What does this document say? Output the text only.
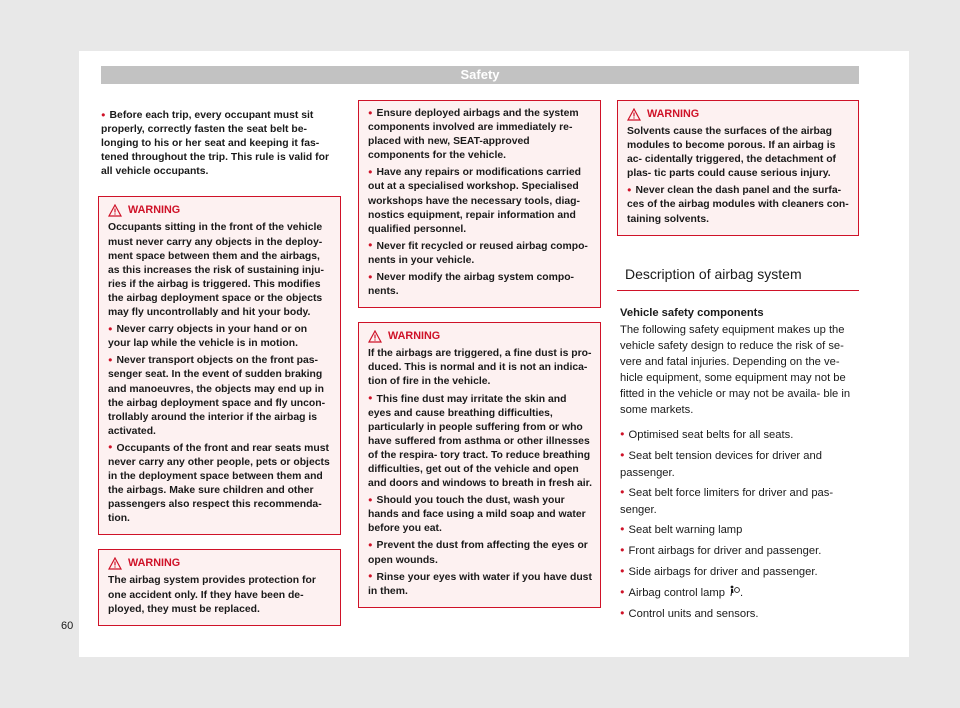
Safety
● Before each trip, every occupant must sit properly, correctly fasten the seat belt be- longing to his or her seat and keeping it fas- tened throughout the trip. This rule is valid for all vehicle occupants.
WARNING

Occupants sitting in the front of the vehicle must never carry any objects in the deploy- ment space between them and the airbags, as this increases the risk of sustaining inju- ries if the airbag is triggered. This modifies the airbag deployment space or the objects may fly uncontrollably and hit your body.

● Never carry objects in your hand or on your lap while the vehicle is in motion.
● Never transport objects on the front pas- senger seat. In the event of sudden braking and manoeuvres, the objects may end up in the airbag deployment space and fly uncon- trollably around the interior if the airbag is activated.
● Occupants of the front and rear seats must never carry any other people, pets or objects in the deployment space between them and the airbags. Make sure children and other passengers also respect this recommenda- tion.
WARNING

The airbag system provides protection for one accident only. If they have been de- ployed, they must be replaced.

● Ensure deployed airbags and the system components involved are immediately re- placed with new, SEAT-approved components for the vehicle.
● Have any repairs or modifications carried out at a specialised workshop. Specialised workshops have the necessary tools, diag- nostics equipment, repair information and qualified personnel.
● Never fit recycled or reused airbag compo- nents in your vehicle.
● Never modify the airbag system compo- nents.
WARNING

If the airbags are triggered, a fine dust is pro- duced. This is normal and it is not an indica- tion of fire in the vehicle.

● This fine dust may irritate the skin and eyes and cause breathing difficulties, particularly in people suffering from or who have suffered from asthma or other illnesses of the respira- tory tract. To reduce breathing difficulties, get out of the vehicle and open and doors and windows to breath in fresh air.
● Should you touch the dust, wash your hands and face using a mild soap and water before you eat.
● Prevent the dust from affecting the eyes or open wounds.
● Rinse your eyes with water if you have dust in them.
WARNING

Solvents cause the surfaces of the airbag modules to become porous. If an airbag is ac- cidentally triggered, the detachment of plas- tic parts could cause serious injury.

● Never clean the dash panel and the surfa- ces of the airbag modules with cleaners con- taining solvents.
Description of airbag system
Vehicle safety components
The following safety equipment makes up the vehicle safety design to reduce the risk of se- vere and fatal injuries. Depending on the ve- hicle equipment, some equipment may not be fitted in the vehicle or may not be availa- ble in some markets.
● Optimised seat belts for all seats.
● Seat belt tension devices for driver and passenger.
● Seat belt force limiters for driver and pas- senger.
● Seat belt warning lamp
● Front airbags for driver and passenger.
● Side airbags for driver and passenger.
● Airbag control lamp .
● Control units and sensors.
60
